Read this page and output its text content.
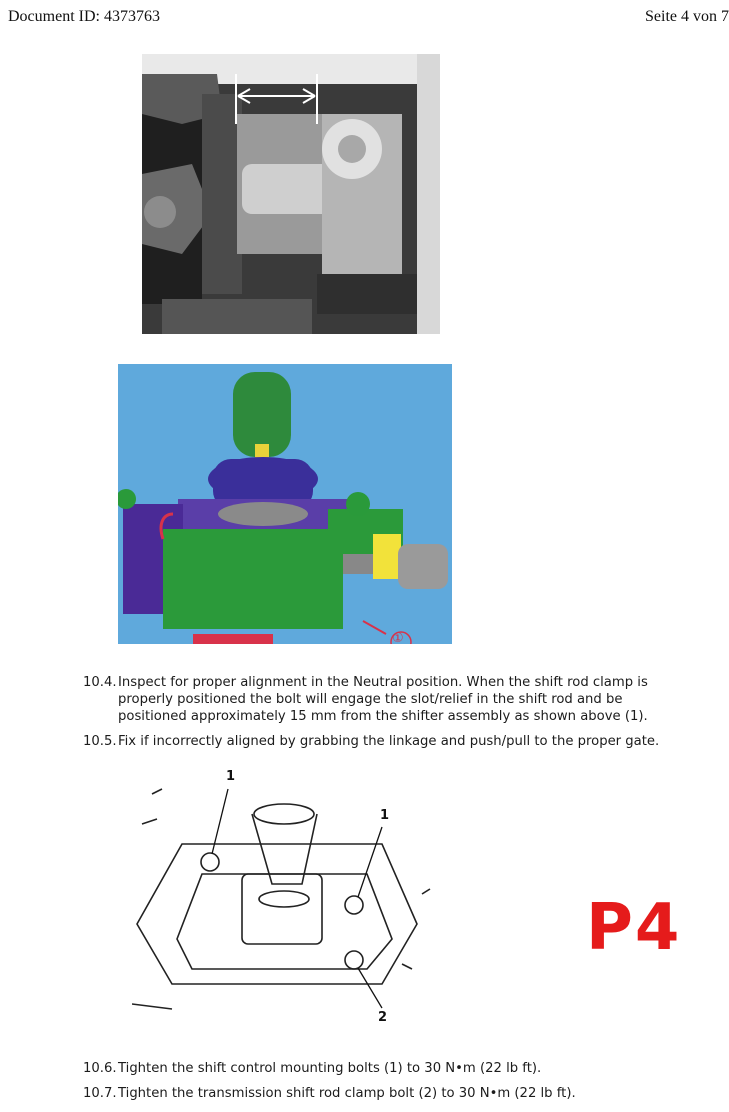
Document ID: 4373763	Seite 4 von 7
①
10.4.Inspect for proper alignment in the Neutral position. When the shift rod clamp is
properly positioned the bolt will engage the slot/relief in the shift rod and be
positioned approximately 15 mm from the shifter assembly as shown above (1).
10.5.Fix if incorrectly aligned by grabbing the linkage and push/pull to the proper gate.
1
1
2
P4
10.6.Tighten the shift control mounting bolts (1) to 30 N•m (22 lb ft).
10.7.Tighten the transmission shift rod clamp bolt (2) to 30 N•m (22 lb ft).
